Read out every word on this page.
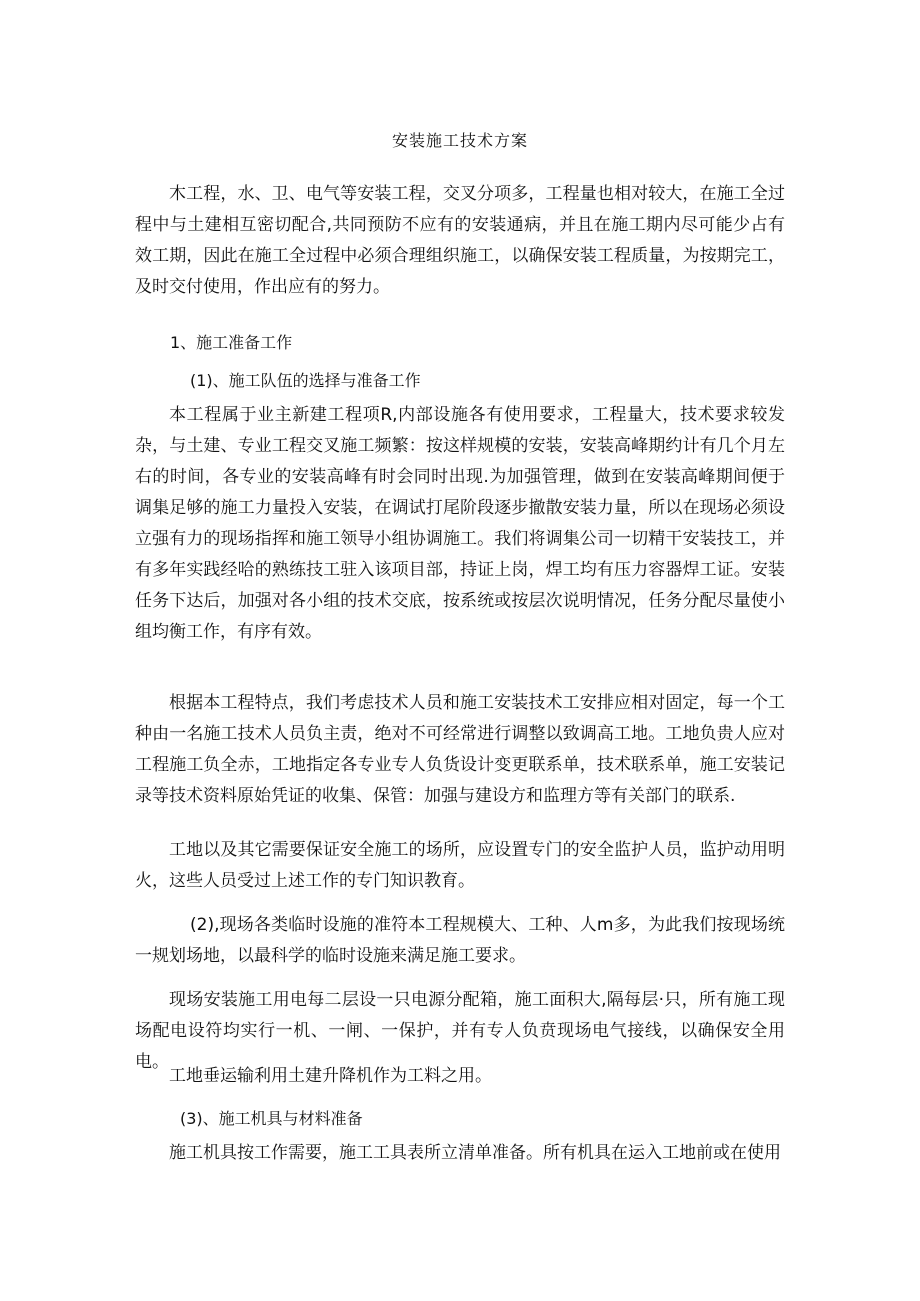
安装施工技术方案

木工程，水、卫、电气等安装工程，交叉分项多，工程量也相对较大，在施工全过程中与土建相互密切配合,共同预防不应有的安装通病，并且在施工期内尽可能少占有效工期，因此在施工全过程中必须合理组织施工，以确保安装工程质量，为按期完工，及时交付使用，作出应有的努力。

1、施工准备工作

(1)、施工队伍的选择与准备工作

本工程属于业主新建工程项R,内部设施各有使用要求，工程量大，技术要求较发杂，与土建、专业工程交叉施工频繁：按这样规模的安装，安装高峰期约计有几个月左右的时间，各专业的安装高峰有时会同时出现.为加强管理，做到在安装高峰期间便于调集足够的施工力量投入安装，在调试打尾阶段逐步撤散安装力量，所以在现场必须设立强有力的现场指挥和施工领导小组协调施工。我们将调集公司一切精干安装技工，并有多年实践经哈的熟练技工驻入该项目部，持证上岗，焊工均有压力容器焊工证。安装任务下达后，加强对各小组的技术交底，按系统或按层次说明情况，任务分配尽量使小组均衡工作，有序有效。

根据本工程特点，我们考虑技术人员和施工安装技术工安排应相对固定，每一个工种由一名施工技术人员负主责，绝对不可经常进行调整以致调高工地。工地负贵人应对工程施工负全赤，工地指定各专业专人负货设计变更联系单，技术联系单，施工安装记录等技术资料原始凭证的收集、保管：加强与建设方和监理方等有关部门的联系.

工地以及其它需要保证安全施工的场所，应设置专门的安全监护人员，监护动用明火，这些人员受过上述工作的专门知识教育。

(2),现场各类临时设施的准符本工程规模大、工种、人m多，为此我们按现场统一规划场地，以最科学的临时设施来满足施工要求。

现场安装施工用电每二层设一只电源分配箱，施工面积大,隔每层·只，所有施工现场配电设符均实行一机、一闸、一保护，并有专人负贲现场电气接线，以确保安全用电。

工地垂运输利用土建升降机作为工料之用。

(3)、施工机具与材料准备

施工机具按工作需要，施工工具表所立清单准备。所有机具在运入工地前或在使用
